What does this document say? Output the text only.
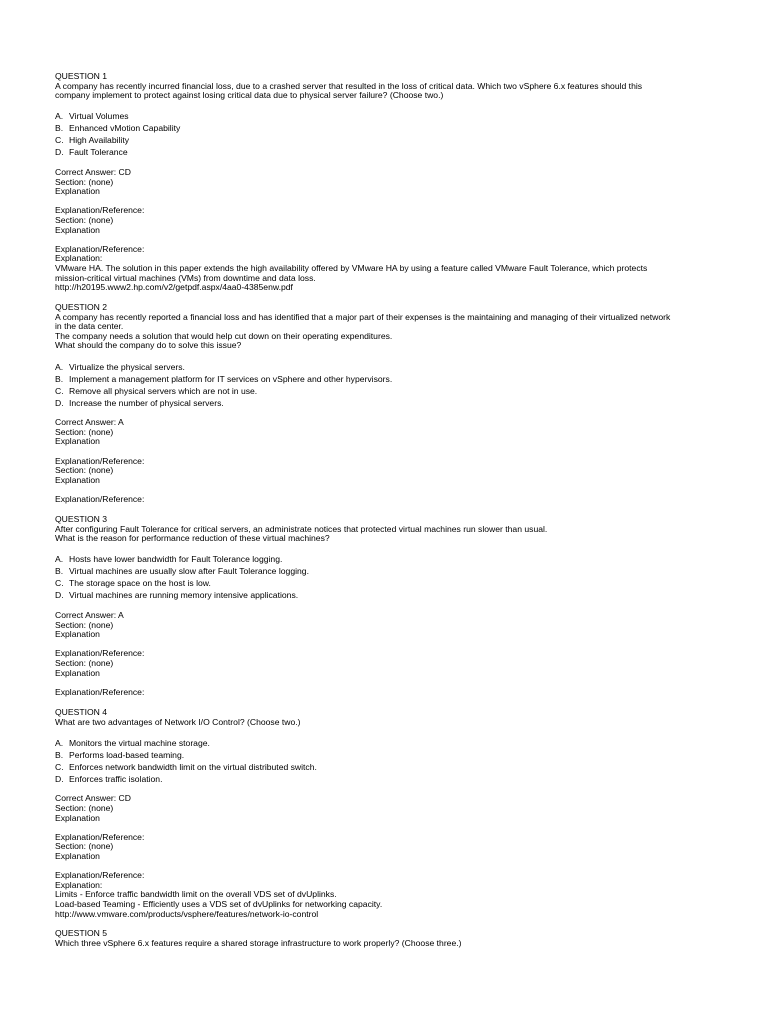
QUESTION 1
A company has recently incurred financial loss, due to a crashed server that resulted in the loss of critical data. Which two vSphere 6.x features should this
company implement to protect against losing critical data due to physical server failure? (Choose two.)
A. Virtual Volumes
B. Enhanced vMotion Capability
C. High Availability
D. Fault Tolerance
Correct Answer: CD
Section: (none)
Explanation
Explanation/Reference:
Section: (none)
Explanation
Explanation/Reference:
Explanation:
VMware HA. The solution in this paper extends the high availability offered by VMware HA by using a feature called VMware Fault Tolerance, which protects
mission-critical virtual machines (VMs) from downtime and data loss.
http://h20195.www2.hp.com/v2/getpdf.aspx/4aa0-4385enw.pdf
QUESTION 2
A company has recently reported a financial loss and has identified that a major part of their expenses is the maintaining and managing of their virtualized network
in the data center.
The company needs a solution that would help cut down on their operating expenditures.
What should the company do to solve this issue?
A. Virtualize the physical servers.
B. Implement a management platform for IT services on vSphere and other hypervisors.
C. Remove all physical servers which are not in use.
D. Increase the number of physical servers.
Correct Answer: A
Section: (none)
Explanation
Explanation/Reference:
Section: (none)
Explanation
Explanation/Reference:
QUESTION 3
After configuring Fault Tolerance for critical servers, an administrate notices that protected virtual machines run slower than usual.
What is the reason for performance reduction of these virtual machines?
A. Hosts have lower bandwidth for Fault Tolerance logging.
B. Virtual machines are usually slow after Fault Tolerance logging.
C. The storage space on the host is low.
D. Virtual machines are running memory intensive applications.
Correct Answer: A
Section: (none)
Explanation
Explanation/Reference:
Section: (none)
Explanation
Explanation/Reference:
QUESTION 4
What are two advantages of Network I/O Control? (Choose two.)
A. Monitors the virtual machine storage.
B. Performs load-based teaming.
C. Enforces network bandwidth limit on the virtual distributed switch.
D. Enforces traffic isolation.
Correct Answer: CD
Section: (none)
Explanation
Explanation/Reference:
Section: (none)
Explanation
Explanation/Reference:
Explanation:
Limits - Enforce traffic bandwidth limit on the overall VDS set of dvUplinks.
Load-based Teaming - Efficiently uses a VDS set of dvUplinks for networking capacity.
http://www.vmware.com/products/vsphere/features/network-io-control
QUESTION 5
Which three vSphere 6.x features require a shared storage infrastructure to work properly? (Choose three.)
